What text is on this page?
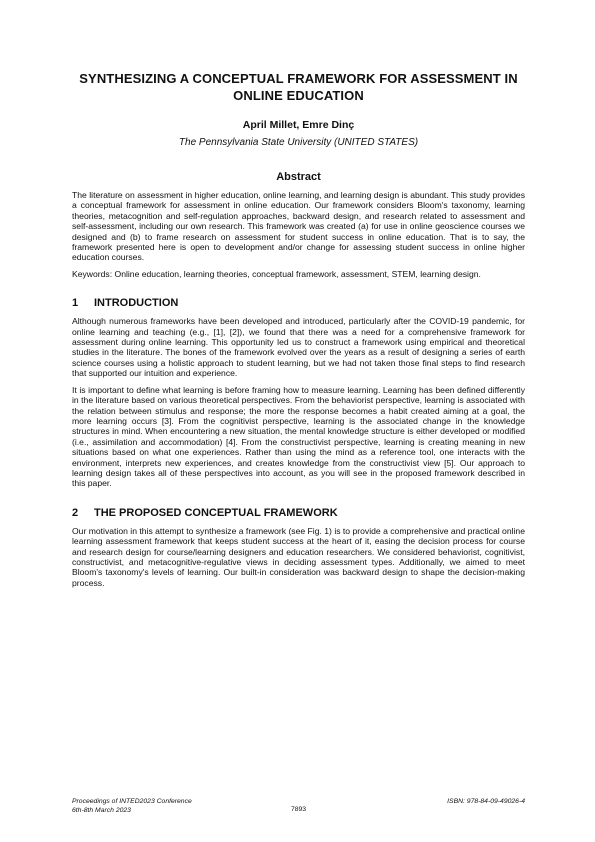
SYNTHESIZING A CONCEPTUAL FRAMEWORK FOR ASSESSMENT IN ONLINE EDUCATION
April Millet, Emre Dinç
The Pennsylvania State University (UNITED STATES)
Abstract

The literature on assessment in higher education, online learning, and learning design is abundant. This study provides a conceptual framework for assessment in online education. Our framework considers Bloom's taxonomy, learning theories, metacognition and self-regulation approaches, backward design, and research related to assessment and self-assessment, including our own research. This framework was created (a) for use in online geoscience courses we designed and (b) to frame research on assessment for student success in online education. That is to say, the framework presented here is open to development and/or change for assessing student success in online higher education courses.

Keywords: Online education, learning theories, conceptual framework, assessment, STEM, learning design.

1	INTRODUCTION

Although numerous frameworks have been developed and introduced, particularly after the COVID-19 pandemic, for online learning and teaching (e.g., [1], [2]), we found that there was a need for a comprehensive framework for assessment during online learning. This opportunity led us to construct a framework using empirical and theoretical studies in the literature. The bones of the framework evolved over the years as a result of designing a series of earth science courses using a holistic approach to student learning, but we had not taken those final steps to find research that supported our intuition and experience.

It is important to define what learning is before framing how to measure learning. Learning has been defined differently in the literature based on various theoretical perspectives. From the behaviorist perspective, learning is associated with the relation between stimulus and response; the more the response becomes a habit created aiming at a goal, the more learning occurs [3]. From the cognitivist perspective, learning is the associated change in the knowledge structures in mind. When encountering a new situation, the mental knowledge structure is either developed or modified (i.e., assimilation and accommodation) [4]. From the constructivist perspective, learning is creating meaning in new situations based on what one experiences. Rather than using the mind as a reference tool, one interacts with the environment, interprets new experiences, and creates knowledge from the constructivist view [5]. Our approach to learning design takes all of these perspectives into account, as you will see in the proposed framework described in this paper.

2	THE PROPOSED CONCEPTUAL FRAMEWORK

Our motivation in this attempt to synthesize a framework (see Fig. 1) is to provide a comprehensive and practical online learning assessment framework that keeps student success at the heart of it, easing the decision process for course and research design for course/learning designers and education researchers. We considered behaviorist, cognitivist, constructivist, and metacognitive-regulative views in deciding assessment types. Additionally, we aimed to meet Bloom's taxonomy's levels of learning. Our built-in consideration was backward design to shape the decision-making process.

Proceedings of INTED2023 Conference
6th-8th March 2023	7893
ISBN: 978-84-09-49026-4
